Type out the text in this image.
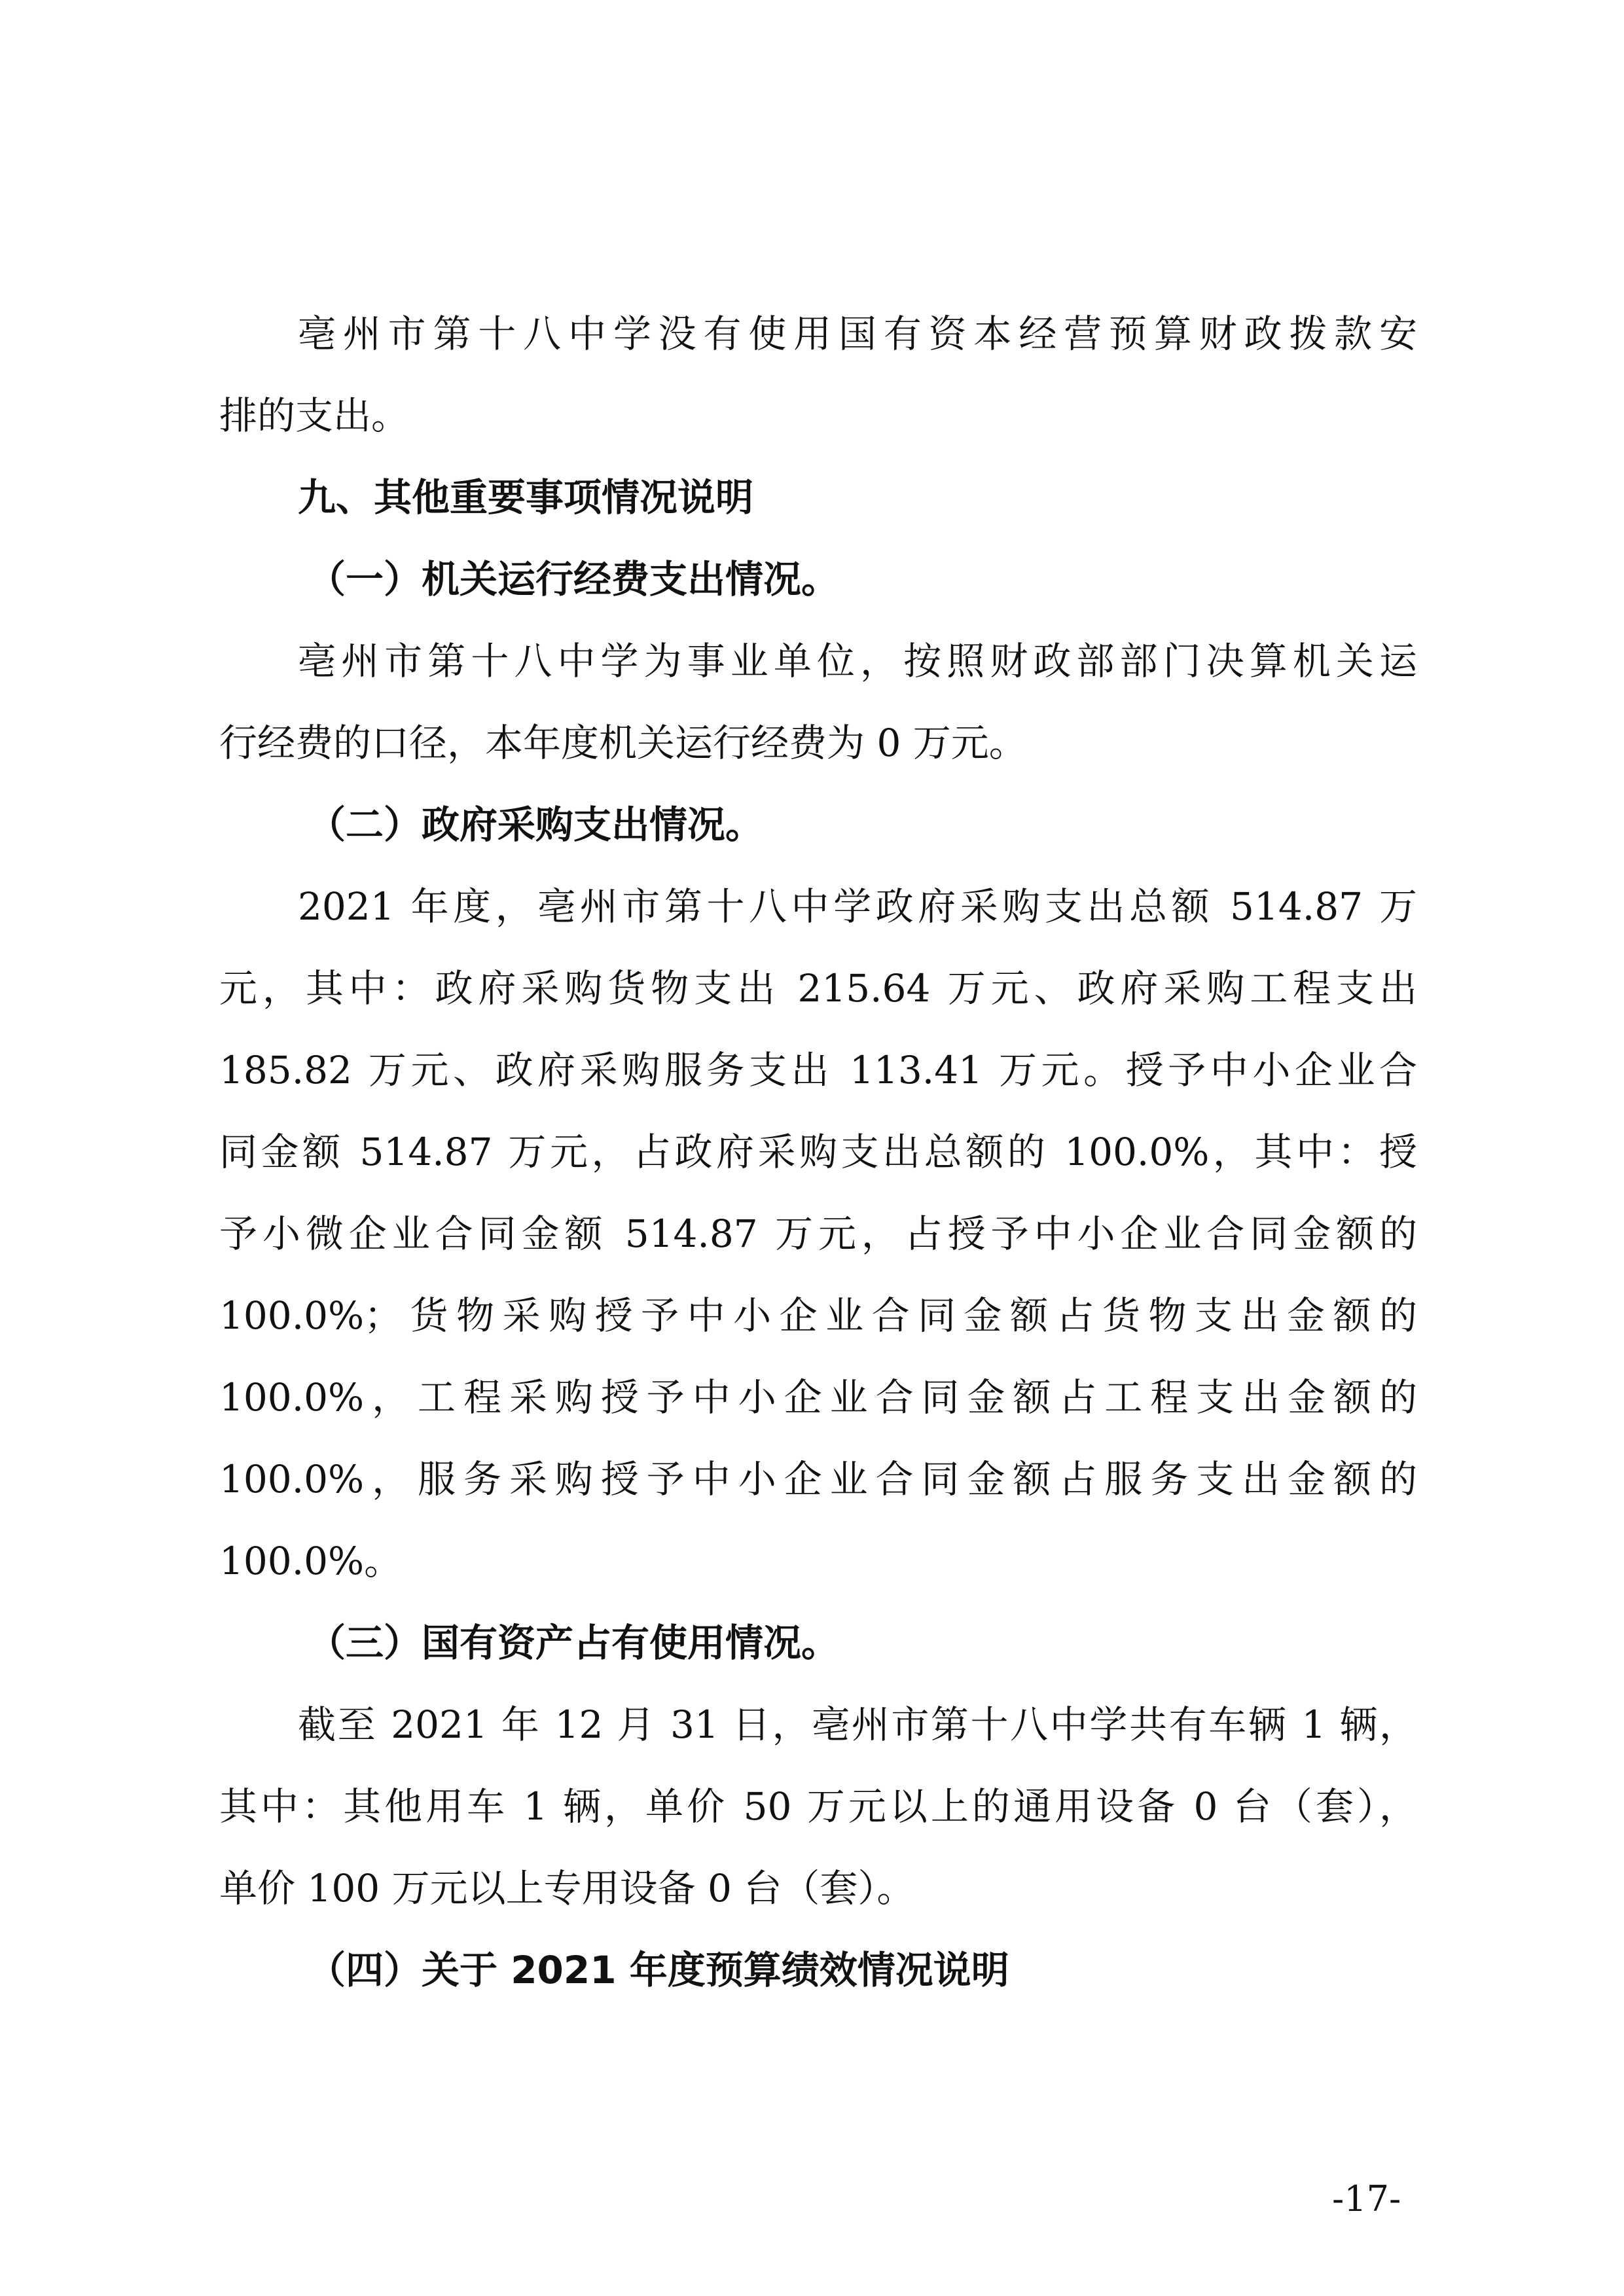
亳州市第十八中学没有使用国有资本经营预算财政拨款安
排的支出。
九、其他重要事项情况说明
（一）机关运行经费支出情况。
亳州市第十八中学为事业单位，按照财政部部门决算机关运
行经费的口径，本年度机关运行经费为 0 万元。
（二）政府采购支出情况。
2021 年度，亳州市第十八中学政府采购支出总额 514.87 万
元，其中：政府采购货物支出 215.64 万元、政府采购工程支出
185.82 万元、政府采购服务支出 113.41 万元。授予中小企业合
同金额 514.87 万元，占政府采购支出总额的 100.0%，其中：授
予小微企业合同金额 514.87 万元，占授予中小企业合同金额的
100.0%；货物采购授予中小企业合同金额占货物支出金额的
100.0%，工程采购授予中小企业合同金额占工程支出金额的
100.0%，服务采购授予中小企业合同金额占服务支出金额的
100.0%。
（三）国有资产占有使用情况。
截至 2021 年 12 月 31 日，亳州市第十八中学共有车辆 1 辆，
其中：其他用车 1 辆，单价 50 万元以上的通用设备 0 台（套），
单价 100 万元以上专用设备 0 台（套）。
（四）关于 2021 年度预算绩效情况说明
-17-
